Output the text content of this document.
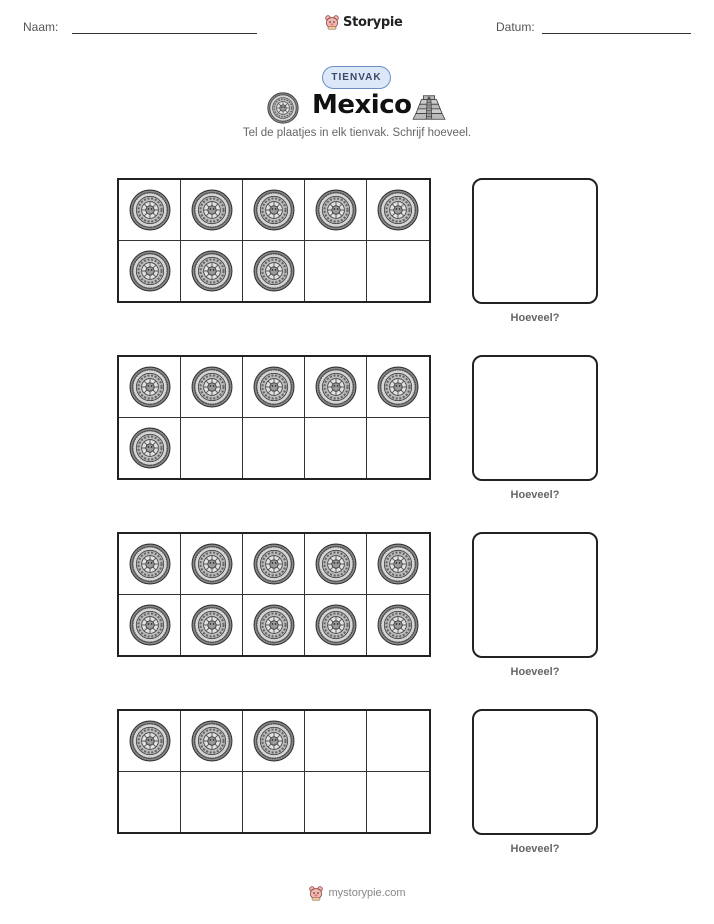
Naam:	Storypie	Datum:
TIENVAK
Mexico
Tel de plaatjes in elk tienvak. Schrijf hoeveel.
Hoeveel?
Hoeveel?
Hoeveel?
Hoeveel?
mystorypie.com
